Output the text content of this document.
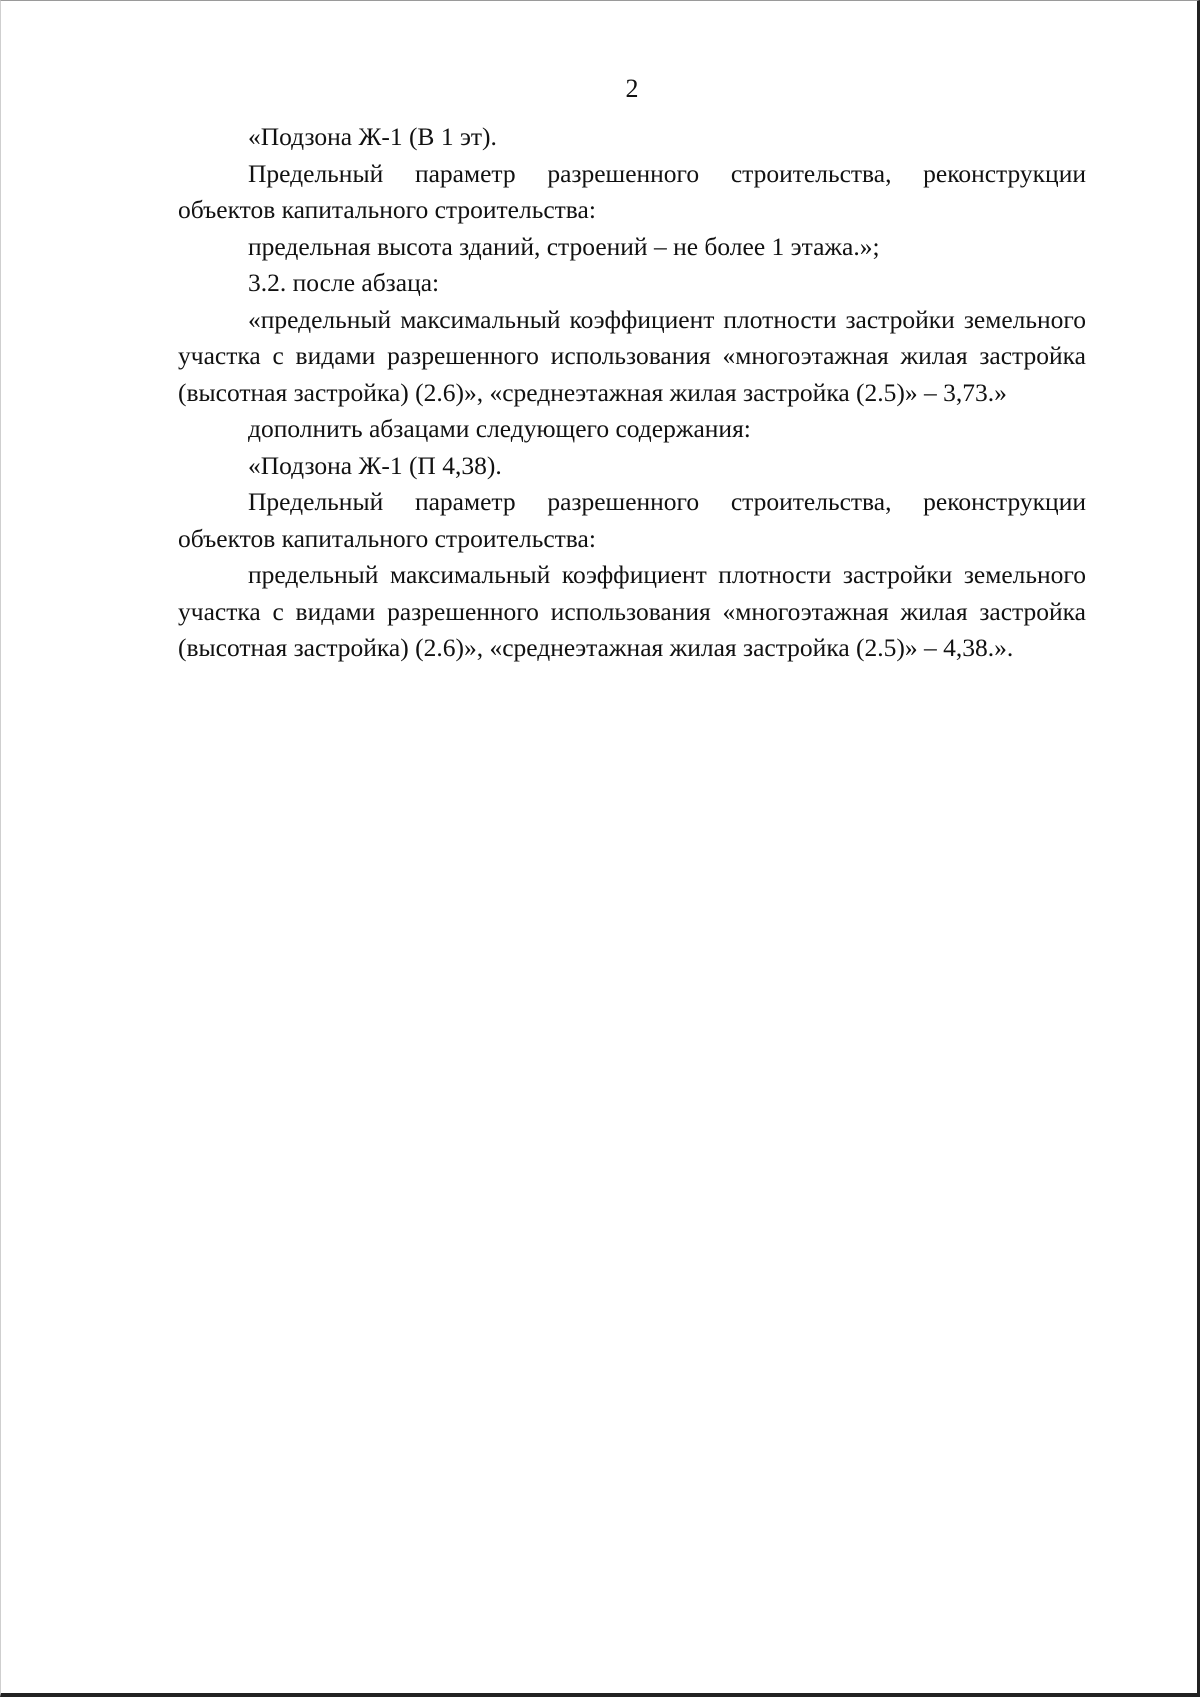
2

«Подзона Ж-1 (В 1 эт).

Предельный параметр разрешенного строительства, реконструкции объектов капитального строительства:

предельная высота зданий, строений – не более 1 этажа.»;

3.2. после абзаца:

«предельный максимальный коэффициент плотности застройки земельного участка с видами разрешенного использования «многоэтажная жилая застройка (высотная застройка) (2.6)», «среднеэтажная жилая застройка (2.5)» – 3,73.»

дополнить абзацами следующего содержания:

«Подзона Ж-1 (П 4,38).

Предельный параметр разрешенного строительства, реконструкции объектов капитального строительства:

предельный максимальный коэффициент плотности застройки земельного участка с видами разрешенного использования «многоэтажная жилая застройка (высотная застройка) (2.6)», «среднеэтажная жилая застройка (2.5)» – 4,38.».
